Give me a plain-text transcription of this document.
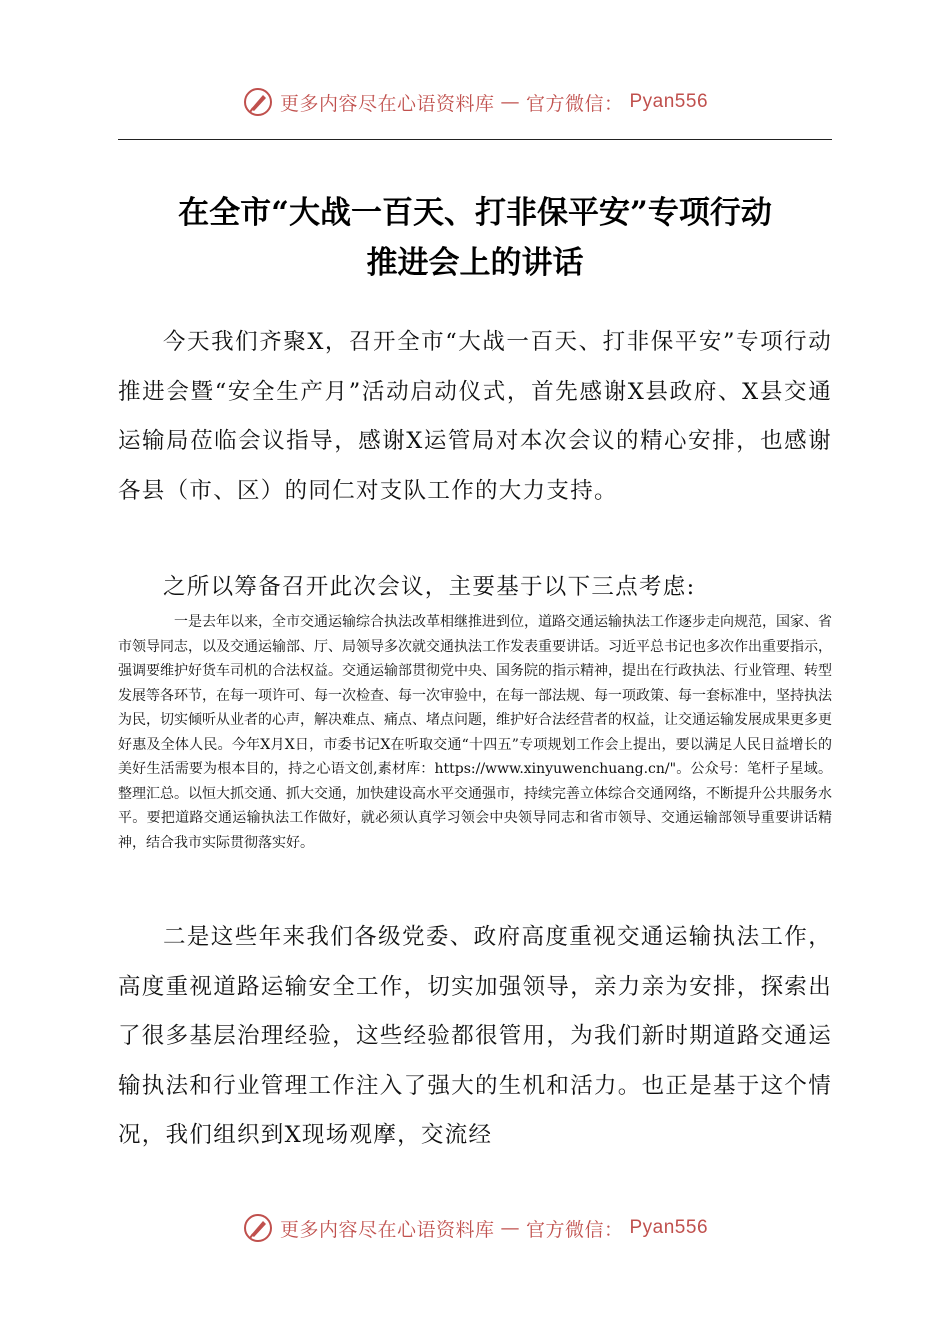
更多内容尽在心语资料库 — 官方微信： Pyan556
在全市“大战一百天、打非保平安”专项行动
推进会上的讲话

今天我们齐聚X，召开全市“大战一百天、打非保平安”专项行动推进会暨“安全生产月”活动启动仪式，首先感谢X县政府、X县交通运输局莅临会议指导，感谢X运管局对本次会议的精心安排，也感谢各县（市、区）的同仁对支队工作的大力支持。

之所以筹备召开此次会议，主要基于以下三点考虑:

一是去年以来，全市交通运输综合执法改革相继推进到位，道路交通运输执法工作逐步走向规范，国家、省市领导同志，以及交通运输部、厅、局领导多次就交通执法工作发表重要讲话。习近平总书记也多次作出重要指示，强调要维护好货车司机的合法权益。交通运输部贯彻党中央、国务院的指示精神，提出在行政执法、行业管理、转型发展等各环节，在每一项许可、每一次检查、每一次审验中，在每一部法规、每一项政策、每一套标准中，坚持执法为民，切实倾听从业者的心声，解决难点、痛点、堵点问题，维护好合法经营者的权益，让交通运输发展成果更多更好惠及全体人民。今年X月X日，市委书记X在听取交通“十四五”专项规划工作会上提出，要以满足人民日益增长的美好生活需要为根本目的，持之心语文创,素材库：https://www.xinyuwenchuang.cn/"。公众号：笔杆子星域。整理汇总。以恒大抓交通、抓大交通，加快建设高水平交通强市，持续完善立体综合交通网络，不断提升公共服务水平。要把道路交通运输执法工作做好，就必须认真学习领会中央领导同志和省市领导、交通运输部领导重要讲话精神，结合我市实际贯彻落实好。

二是这些年来我们各级党委、政府高度重视交通运输执法工作，高度重视道路运输安全工作，切实加强领导，亲力亲为安排，探索出了很多基层治理经验，这些经验都很管用，为我们新时期道路交通运输执法和行业管理工作注入了强大的生机和活力。也正是基于这个情况，我们组织到X现场观摩，交流经

更多内容尽在心语资料库 — 官方微信： Pyan556
